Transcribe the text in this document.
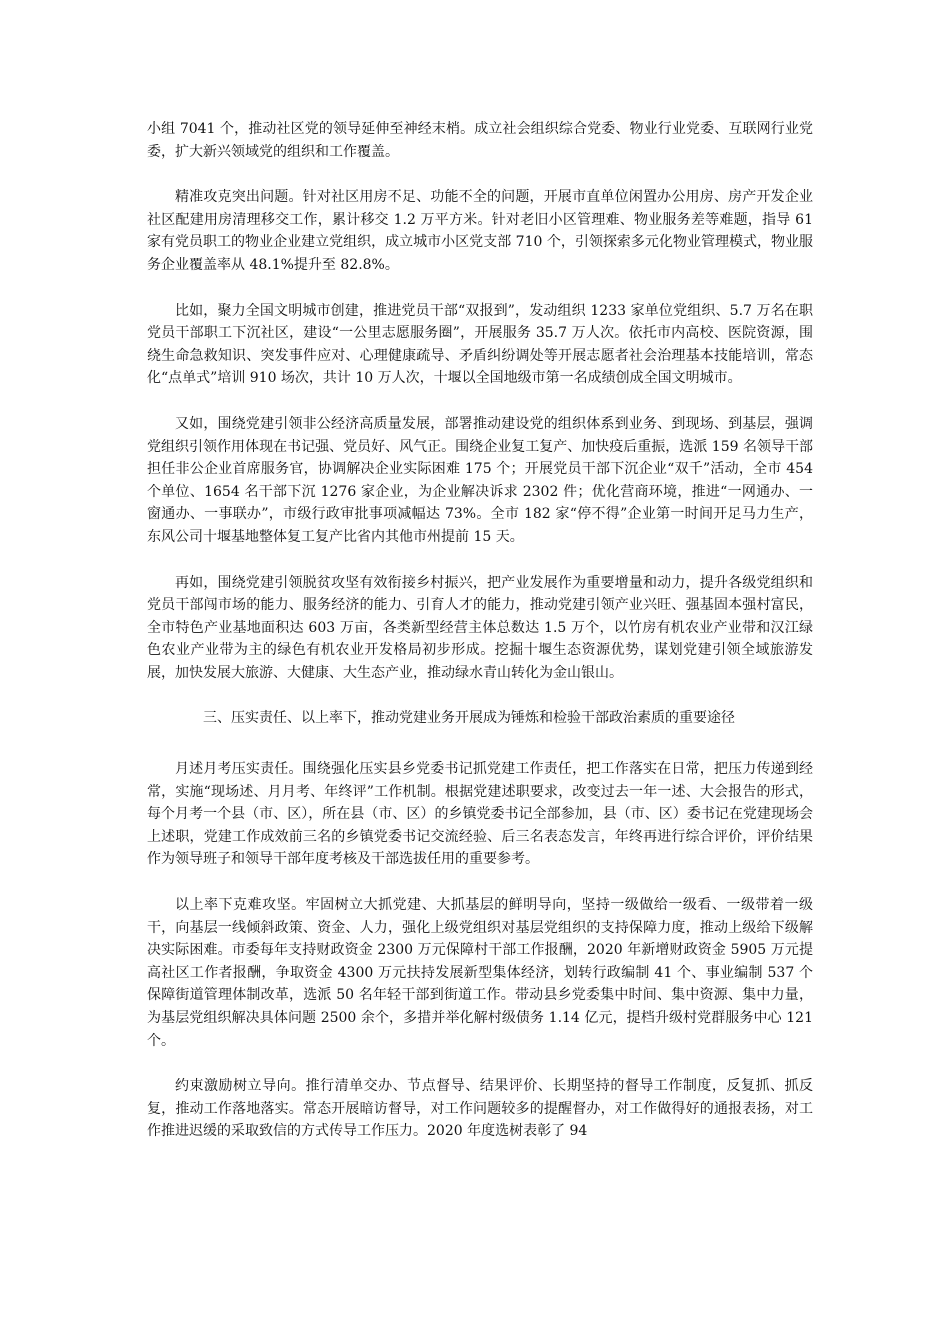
小组 7041 个，推动社区党的领导延伸至神经末梢。成立社会组织综合党委、物业行业党委、互联网行业党委，扩大新兴领域党的组织和工作覆盖。

精准攻克突出问题。针对社区用房不足、功能不全的问题，开展市直单位闲置办公用房、房产开发企业社区配建用房清理移交工作，累计移交 1.2 万平方米。针对老旧小区管理难、物业服务差等难题，指导 61 家有党员职工的物业企业建立党组织，成立城市小区党支部 710 个，引领探索多元化物业管理模式，物业服务企业覆盖率从 48.1%提升至 82.8%。

比如，聚力全国文明城市创建，推进党员干部“双报到”，发动组织 1233 家单位党组织、5.7 万名在职党员干部职工下沉社区，建设“一公里志愿服务圈”，开展服务 35.7 万人次。依托市内高校、医院资源，围绕生命急救知识、突发事件应对、心理健康疏导、矛盾纠纷调处等开展志愿者社会治理基本技能培训，常态化“点单式”培训 910 场次，共计 10 万人次，十堰以全国地级市第一名成绩创成全国文明城市。

又如，围绕党建引领非公经济高质量发展，部署推动建设党的组织体系到业务、到现场、到基层，强调党组织引领作用体现在书记强、党员好、风气正。围绕企业复工复产、加快疫后重振，选派 159 名领导干部担任非公企业首席服务官，协调解决企业实际困难 175 个；开展党员干部下沉企业“双千”活动，全市 454 个单位、1654 名干部下沉 1276 家企业，为企业解决诉求 2302 件；优化营商环境，推进“一网通办、一窗通办、一事联办”，市级行政审批事项减幅达 73%。全市 182 家“停不得”企业第一时间开足马力生产，东风公司十堰基地整体复工复产比省内其他市州提前 15 天。

再如，围绕党建引领脱贫攻坚有效衔接乡村振兴，把产业发展作为重要增量和动力，提升各级党组织和党员干部闯市场的能力、服务经济的能力、引育人才的能力，推动党建引领产业兴旺、强基固本强村富民，全市特色产业基地面积达 603 万亩，各类新型经营主体总数达 1.5 万个，以竹房有机农业产业带和汉江绿色农业产业带为主的绿色有机农业开发格局初步形成。挖掘十堰生态资源优势，谋划党建引领全域旅游发展，加快发展大旅游、大健康、大生态产业，推动绿水青山转化为金山银山。

三、压实责任、以上率下，推动党建业务开展成为锤炼和检验干部政治素质的重要途径

月述月考压实责任。围绕强化压实县乡党委书记抓党建工作责任，把工作落实在日常，把压力传递到经常，实施“现场述、月月考、年终评”工作机制。根据党建述职要求，改变过去一年一述、大会报告的形式，每个月考一个县（市、区），所在县（市、区）的乡镇党委书记全部参加，县（市、区）委书记在党建现场会上述职，党建工作成效前三名的乡镇党委书记交流经验、后三名表态发言，年终再进行综合评价，评价结果作为领导班子和领导干部年度考核及干部选拔任用的重要参考。

以上率下克难攻坚。牢固树立大抓党建、大抓基层的鲜明导向，坚持一级做给一级看、一级带着一级干，向基层一线倾斜政策、资金、人力，强化上级党组织对基层党组织的支持保障力度，推动上级给下级解决实际困难。市委每年支持财政资金 2300 万元保障村干部工作报酬，2020 年新增财政资金 5905 万元提高社区工作者报酬，争取资金 4300 万元扶持发展新型集体经济，划转行政编制 41 个、事业编制 537 个保障街道管理体制改革，选派 50 名年轻干部到街道工作。带动县乡党委集中时间、集中资源、集中力量，为基层党组织解决具体问题 2500 余个，多措并举化解村级债务 1.14 亿元，提档升级村党群服务中心 121 个。

约束激励树立导向。推行清单交办、节点督导、结果评价、长期坚持的督导工作制度，反复抓、抓反复，推动工作落地落实。常态开展暗访督导，对工作问题较多的提醒督办，对工作做得好的通报表扬，对工作推进迟缓的采取致信的方式传导工作压力。2020 年度选树表彰了 94
